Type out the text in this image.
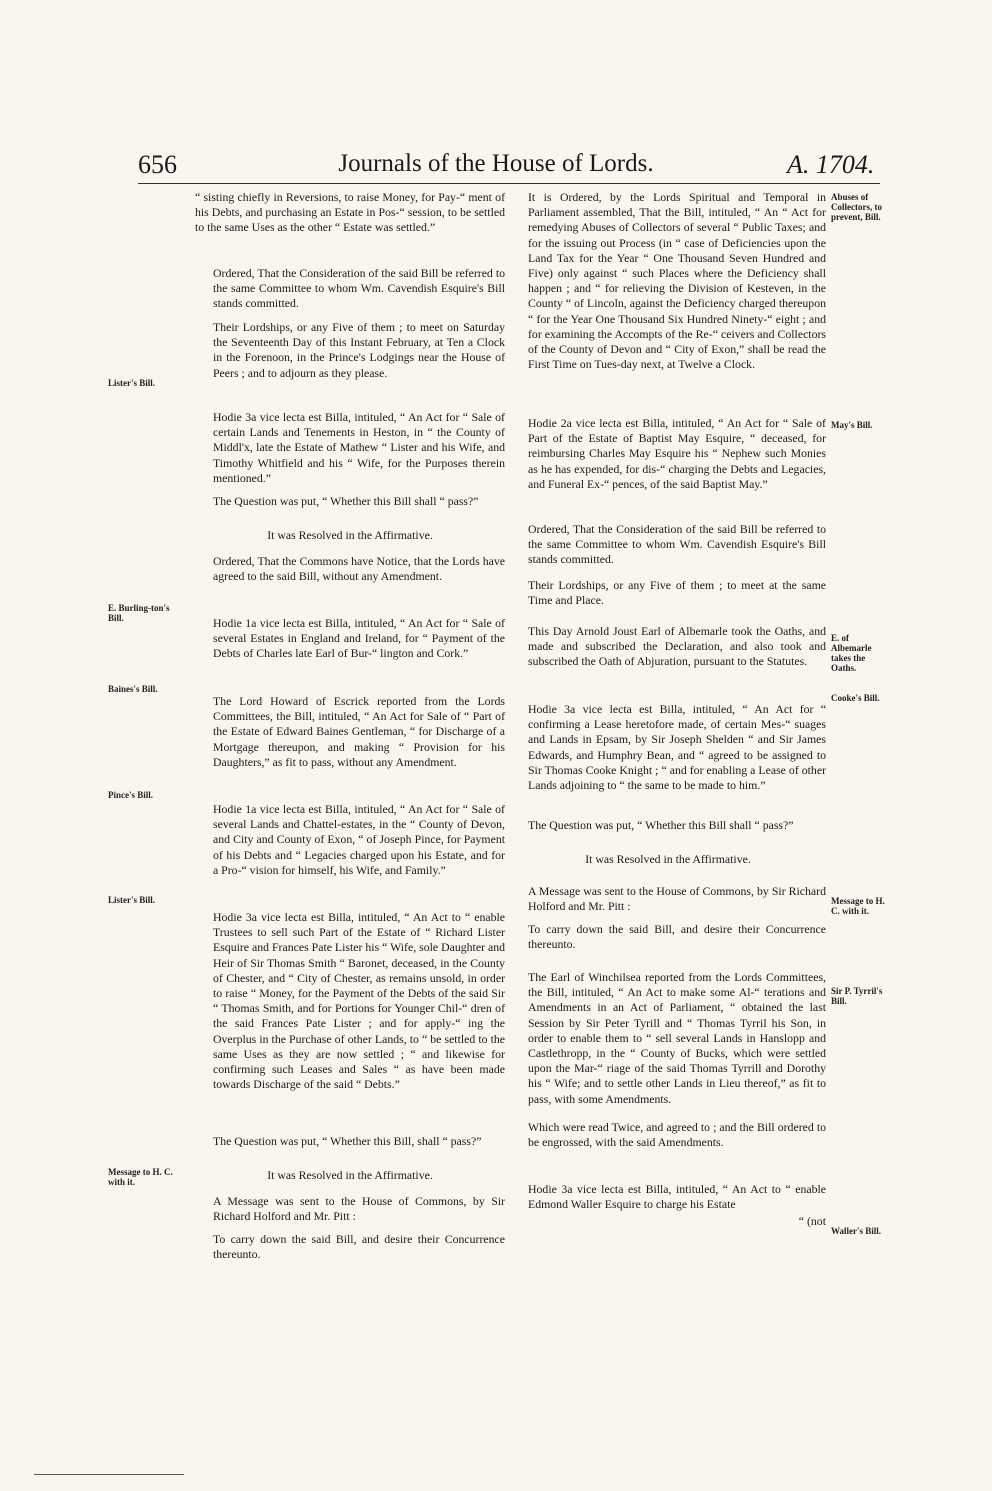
656	Journals of the House of Lords.	A. 1704.

“ sisting chiefly in Reversions, to raise Money, for Pay-“ ment of his Debts, and purchasing an Estate in Pos-“ session, to be settled to the same Uses as the other “ Estate was settled.”

Ordered, That the Consideration of the said Bill be referred to the same Committee to whom Wm. Cavendish Esquire's Bill stands committed.

Their Lordships, or any Five of them ; to meet on Saturday the Seventeenth Day of this Instant February, at Ten a Clock in the Forenoon, in the Prince's Lodgings near the House of Peers ; and to adjourn as they please.

Hodie 3a vice lecta est Billa, intituled, “ An Act for “ Sale of certain Lands and Tenements in Heston, in “ the County of Middl'x, late the Estate of Mathew “ Lister and his Wife, and Timothy Whitfield and his “ Wife, for the Purposes therein mentioned.”

The Question was put, “ Whether this Bill shall “ pass?”

It was Resolved in the Affirmative.

Ordered, That the Commons have Notice, that the Lords have agreed to the said Bill, without any Amendment.

Hodie 1a vice lecta est Billa, intituled, “ An Act for “ Sale of several Estates in England and Ireland, for “ Payment of the Debts of Charles late Earl of Bur-“ lington and Cork.”

The Lord Howard of Escrick reported from the Lords Committees, the Bill, intituled, “ An Act for Sale of “ Part of the Estate of Edward Baines Gentleman, “ for Discharge of a Mortgage thereupon, and making “ Provision for his Daughters,” as fit to pass, without any Amendment.

Hodie 1a vice lecta est Billa, intituled, “ An Act for “ Sale of several Lands and Chattel-estates, in the “ County of Devon, and City and County of Exon, “ of Joseph Pince, for Payment of his Debts and “ Legacies charged upon his Estate, and for a Pro-“ vision for himself, his Wife, and Family.”

Hodie 3a vice lecta est Billa, intituled, “ An Act to “ enable Trustees to sell such Part of the Estate of “ Richard Lister Esquire and Frances Pate Lister his “ Wife, sole Daughter and Heir of Sir Thomas Smith “ Baronet, deceased, in the County of Chester, and “ City of Chester, as remains unsold, in order to raise “ Money, for the Payment of the Debts of the said Sir “ Thomas Smith, and for Portions for Younger Chil-“ dren of the said Frances Pate Lister ; and for apply-“ ing the Overplus in the Purchase of other Lands, to “ be settled to the same Uses as they are now settled ; “ and likewise for confirming such Leases and Sales “ as have been made towards Discharge of the said “ Debts.”

The Question was put, “ Whether this Bill, shall “ pass?”

It was Resolved in the Affirmative.

A Message was sent to the House of Commons, by Sir Richard Holford and Mr. Pitt :

To carry down the said Bill, and desire their Concurrence thereunto.

It is Ordered, by the Lords Spiritual and Temporal in Parliament assembled, That the Bill, intituled, “ An “ Act for remedying Abuses of Collectors of several “ Public Taxes; and for the issuing out Process (in “ case of Deficiencies upon the Land Tax for the Year “ One Thousand Seven Hundred and Five) only against “ such Places where the Deficiency shall happen ; and “ for relieving the Division of Kesteven, in the County “ of Lincoln, against the Deficiency charged thereupon “ for the Year One Thousand Six Hundred Ninety-“ eight ; and for examining the Accompts of the Re-“ ceivers and Collectors of the County of Devon and “ City of Exon,” shall be read the First Time on Tues-day next, at Twelve a Clock.

Hodie 2a vice lecta est Billa, intituled, “ An Act for “ Sale of Part of the Estate of Baptist May Esquire, “ deceased, for reimbursing Charles May Esquire his “ Nephew such Monies as he has expended, for dis-“ charging the Debts and Legacies, and Funeral Ex-“ pences, of the said Baptist May.”

Ordered, That the Consideration of the said Bill be referred to the same Committee to whom Wm. Cavendish Esquire's Bill stands committed.

Their Lordships, or any Five of them ; to meet at the same Time and Place.

This Day Arnold Joust Earl of Albemarle took the Oaths, and made and subscribed the Declaration, and also took and subscribed the Oath of Abjuration, pursuant to the Statutes.

Hodie 3a vice lecta est Billa, intituled, “ An Act for “ confirming a Lease heretofore made, of certain Mes-“ suages and Lands in Epsam, by Sir Joseph Shelden “ and Sir James Edwards, and Humphry Bean, and “ agreed to be assigned to Sir Thomas Cooke Knight ; “ and for enabling a Lease of other Lands adjoining to “ the same to be made to him.”

The Question was put, “ Whether this Bill shall “ pass?”

It was Resolved in the Affirmative.

A Message was sent to the House of Commons, by Sir Richard Holford and Mr. Pitt :

To carry down the said Bill, and desire their Concurrence thereunto.

The Earl of Winchilsea reported from the Lords Committees, the Bill, intituled, “ An Act to make some Al-“ terations and Amendments in an Act of Parliament, “ obtained the last Session by Sir Peter Tyrill and “ Thomas Tyrril his Son, in order to enable them to “ sell several Lands in Hanslopp and Castlethropp, in the “ County of Bucks, which were settled upon the Mar-“ riage of the said Thomas Tyrrill and Dorothy his “ Wife; and to settle other Lands in Lieu thereof,” as fit to pass, with some Amendments.

Which were read Twice, and agreed to ; and the Bill ordered to be engrossed, with the said Amendments.

Hodie 3a vice lecta est Billa, intituled, “ An Act to “ enable Edmond Waller Esquire to charge his Estate

“ (not

Lister's Bill.
E. Burling-ton's Bill.
Baines's Bill.
Pince's Bill.
Lister's Bill.
Message to H. C. with it.
Abuses of Collectors, to prevent, Bill.
May's Bill.
E. of Albemarle takes the Oaths.
Cooke's Bill.
Message to H. C. with it.
Sir P. Tyrril's Bill.
Waller's Bill.
